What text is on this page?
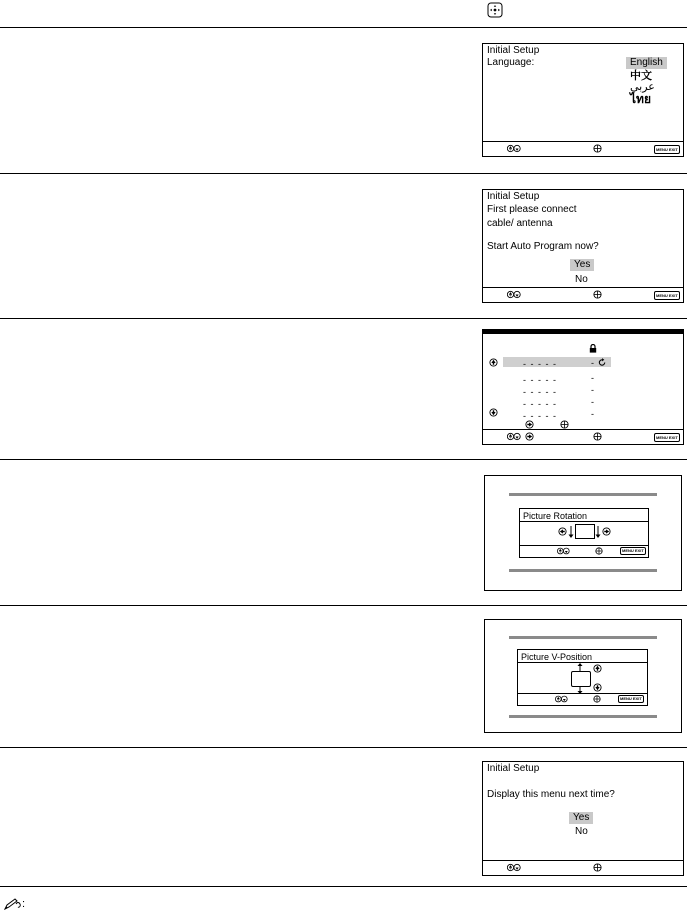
Initial Setup
Language:	English
中文
عربي
ไทย
MENU EXIT
Initial Setup
First please connect
cable/ antenna
Start Auto Program now?
Yes
No
MENU EXIT
- - - - -	-
- - - - -	-
- - - - -	-
- - - - -	-
- - - - -	-
MENU EXIT
Picture Rotation
MENU EXIT
Picture V-Position
MENU EXIT
Initial Setup
Display this menu next time?
Yes
No
:
